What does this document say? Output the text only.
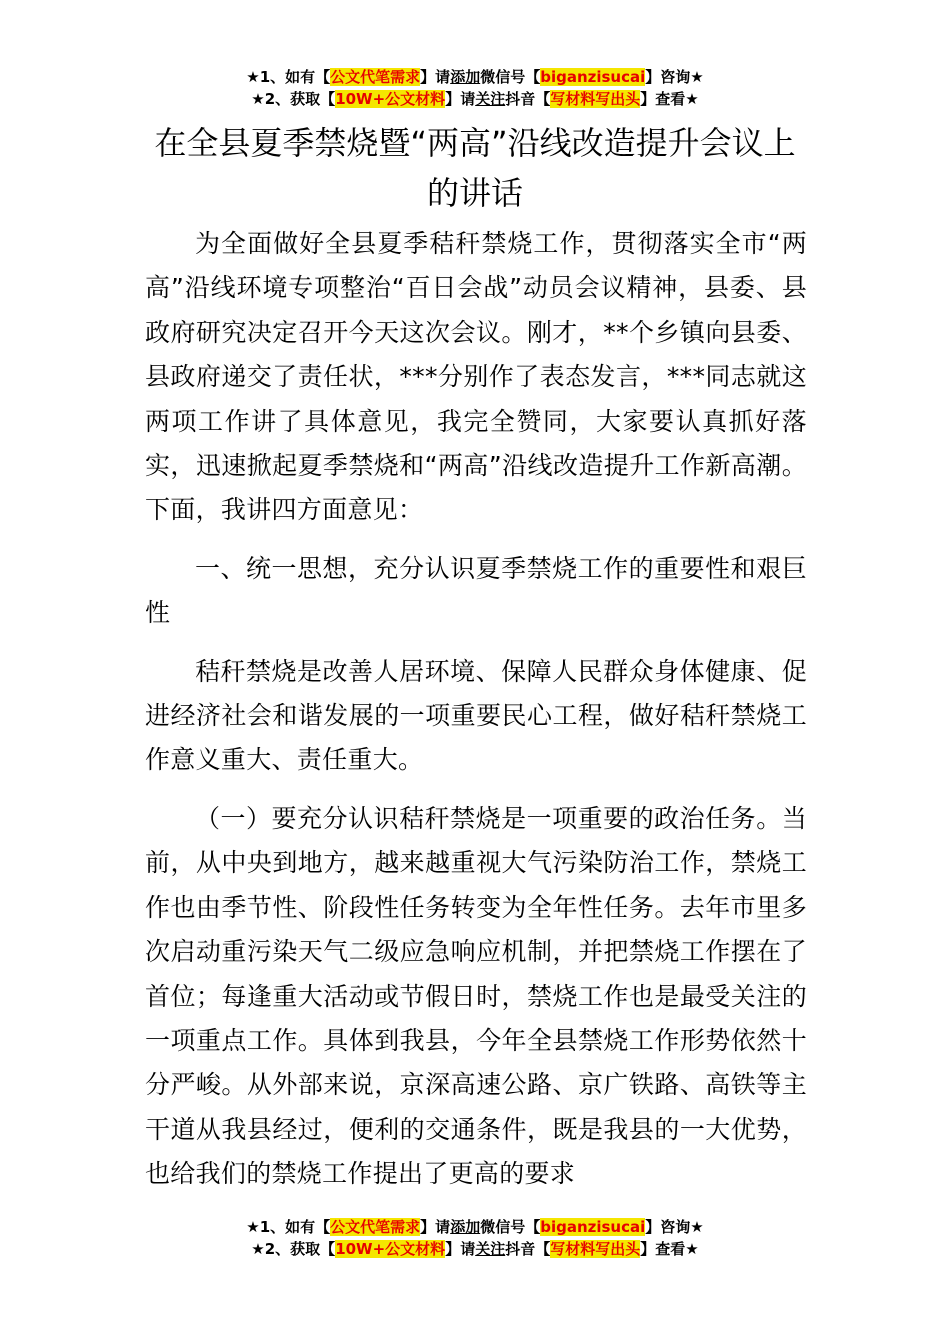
★1、如有【公文代笔需求】请添加微信号【biganzisucai】咨询★
★2、获取【10W+公文材料】请关注抖音【写材料写出头】查看★
在全县夏季禁烧暨“两高”沿线改造提升会议上的讲话

为全面做好全县夏季秸秆禁烧工作，贯彻落实全市“两高”沿线环境专项整治“百日会战”动员会议精神，县委、县政府研究决定召开今天这次会议。刚才，**个乡镇向县委、县政府递交了责任状，***分别作了表态发言，***同志就这两项工作讲了具体意见，我完全赞同，大家要认真抓好落实，迅速掀起夏季禁烧和“两高”沿线改造提升工作新高潮。下面，我讲四方面意见：

一、统一思想，充分认识夏季禁烧工作的重要性和艰巨性

秸秆禁烧是改善人居环境、保障人民群众身体健康、促进经济社会和谐发展的一项重要民心工程，做好秸秆禁烧工作意义重大、责任重大。

（一）要充分认识秸秆禁烧是一项重要的政治任务。当前，从中央到地方，越来越重视大气污染防治工作，禁烧工作也由季节性、阶段性任务转变为全年性任务。去年市里多次启动重污染天气二级应急响应机制，并把禁烧工作摆在了首位；每逢重大活动或节假日时，禁烧工作也是最受关注的一项重点工作。具体到我县，今年全县禁烧工作形势依然十分严峻。从外部来说，京深高速公路、京广铁路、高铁等主干道从我县经过，便利的交通条件，既是我县的一大优势，也给我们的禁烧工作提出了更高的要求

★1、如有【公文代笔需求】请添加微信号【biganzisucai】咨询★
★2、获取【10W+公文材料】请关注抖音【写材料写出头】查看★
